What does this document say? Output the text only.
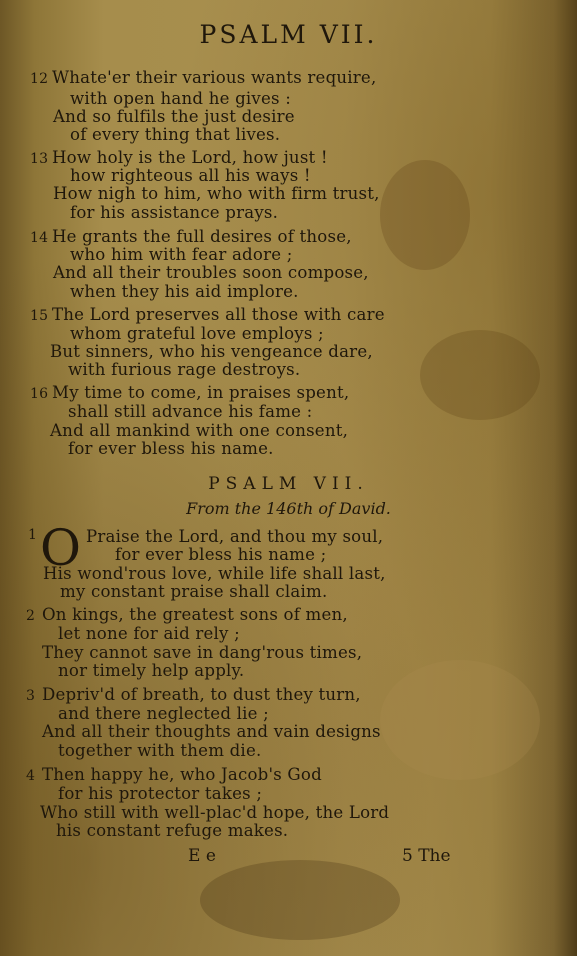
PSALM VII.
12 Whate'er their various wants require,
with open hand he gives :
And so fulfils the just desire
of every thing that lives.
13 How holy is the Lord, how just !
how righteous all his ways !
How nigh to him, who with firm trust,
for his assistance prays.
14 He grants the full desires of those,
who him with fear adore ;
And all their troubles soon compose,
when they his aid implore.
15 The Lord preserves all those with care
whom grateful love employs ;
But sinners, who his vengeance dare,
with furious rage destroys.
16 My time to come, in praises spent,
shall still advance his fame :
And all mankind with one consent,
for ever bless his name.
PSALM VII.
From the 146th of David.
1 O Praise the Lord, and thou my soul,
for ever bless his name ;
His wond'rous love, while life shall last,
my constant praise shall claim.
2 On kings, the greatest sons of men,
let none for aid rely ;
They cannot save in dang'rous times,
nor timely help apply.
3 Depriv'd of breath, to dust they turn,
and there neglected lie ;
And all their thoughts and vain designs
together with them die.
4 Then happy he, who Jacob's God
for his protector takes ;
Who still with well-plac'd hope, the Lord
his constant refuge makes.
E e	5 The
